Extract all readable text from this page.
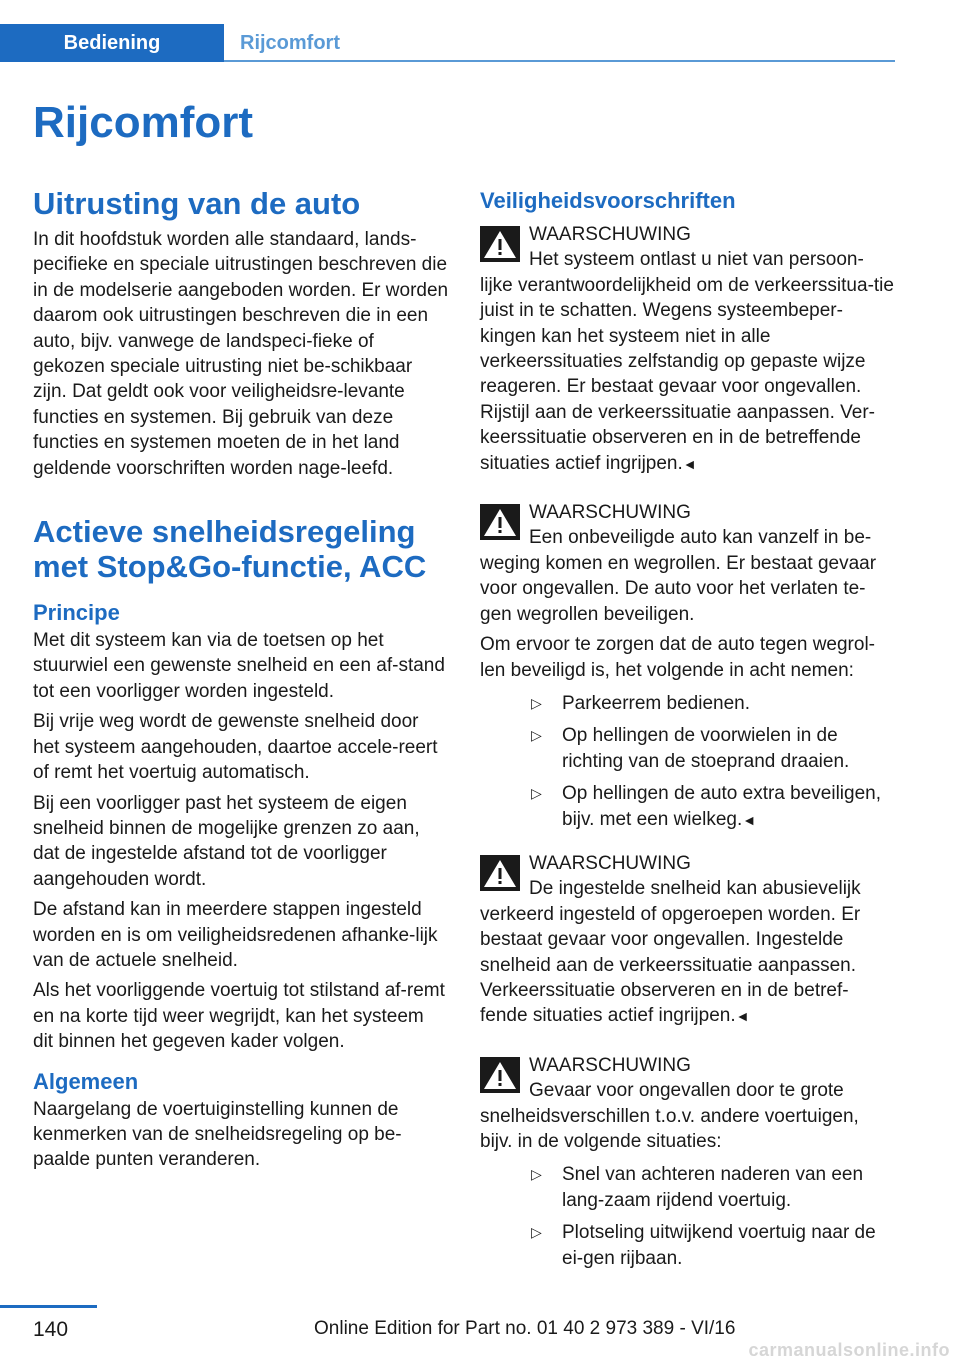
Bediening	Rijcomfort
Rijcomfort
Uitrusting van de auto

In dit hoofdstuk worden alle standaard, lands-pecifieke en speciale uitrustingen beschreven die in de modelserie aangeboden worden. Er worden daarom ook uitrustingen beschreven die in een auto, bijv. vanwege de landspeci-fieke of gekozen speciale uitrusting niet be-schikbaar zijn. Dat geldt ook voor veiligheidsre-levante functies en systemen. Bij gebruik van deze functies en systemen moeten de in het land geldende voorschriften worden nage-leefd.

Actieve snelheidsregeling met Stop&Go-functie, ACC
Principe

Met dit systeem kan via de toetsen op het stuurwiel een gewenste snelheid en een af-stand tot een voorligger worden ingesteld.

Bij vrije weg wordt de gewenste snelheid door het systeem aangehouden, daartoe accele-reert of remt het voertuig automatisch.

Bij een voorligger past het systeem de eigen snelheid binnen de mogelijke grenzen zo aan, dat de ingestelde afstand tot de voorligger aangehouden wordt.

De afstand kan in meerdere stappen ingesteld worden en is om veiligheidsredenen afhanke-lijk van de actuele snelheid.

Als het voorliggende voertuig tot stilstand af-remt en na korte tijd weer wegrijdt, kan het systeem dit binnen het gegeven kader volgen.

Algemeen

Naargelang de voertuiginstelling kunnen de kenmerken van de snelheidsregeling op be-paalde punten veranderen.

Veiligheidsvoorschriften

WAARSCHUWING

Het systeem ontlast u niet van persoon-

lijke verantwoordelijkheid om de verkeerssitua-tie juist in te schatten. Wegens systeembeper-kingen kan het systeem niet in alle verkeerssituaties zelfstandig op gepaste wijze reageren. Er bestaat gevaar voor ongevallen. Rijstijl aan de verkeerssituatie aanpassen. Ver-keerssituatie observeren en in de betreffende situaties actief ingrijpen.◄

WAARSCHUWING

Een onbeveiligde auto kan vanzelf in be-

weging komen en wegrollen. Er bestaat gevaar voor ongevallen. De auto voor het verlaten te-gen wegrollen beveiligen.

Om ervoor te zorgen dat de auto tegen wegrol-len beveiligd is, het volgende in acht nemen:

▷ Parkeerrem bedienen.
▷ Op hellingen de voorwielen in de richting van de stoeprand draaien.
▷ Op hellingen de auto extra beveiligen, bijv. met een wielkeg.◄

WAARSCHUWING

De ingestelde snelheid kan abusievelijk

verkeerd ingesteld of opgeroepen worden. Er bestaat gevaar voor ongevallen. Ingestelde snelheid aan de verkeerssituatie aanpassen. Verkeerssituatie observeren en in de betref-fende situaties actief ingrijpen.◄

WAARSCHUWING

Gevaar voor ongevallen door te grote

snelheidsverschillen t.o.v. andere voertuigen, bijv. in de volgende situaties:

▷ Snel van achteren naderen van een lang-zaam rijdend voertuig.
▷ Plotseling uitwijkend voertuig naar de ei-gen rijbaan.
140	Online Edition for Part no. 01 40 2 973 389 - VI/16
carmanualsonline.info
